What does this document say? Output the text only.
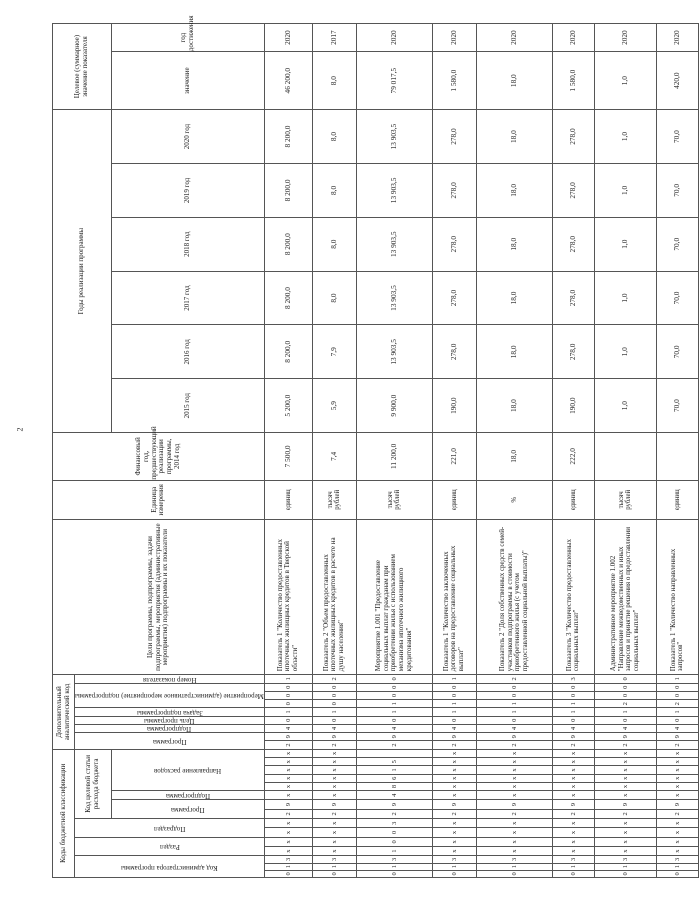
2
Коды бюджетной классификации															Дополнительный аналитический код									Цели программы, подпрограммы, задачи подпрограммы, мероприятия (административные мероприятия) подпрограммы и их показатели	Единица измерения	Финансовый год, предшествующий реализации программы, 2014 год	Годы реализации программы						Целевое (суммарное) значение показателя	

Код администратора программы			Раздел		Подраздел		Код целевой статьи расхода бюджета								Программа		Подпрограмма	Цель программы	Задача подпрограммы	Мероприятие (административное мероприятие) подпрограммы			Номер показателя											

							Программа		Подпрограмма	Направление расходов																	2015 год	2016 год	2017 год	2018 год	2019 год	2020 год	значение	год достижения
0	1	3	x	x	x	x	2	9	x	x	x	x	x	x	2	9	4	0	1	0	0	0	1	Показатель 1 "Количество предоставленных ипотечных жилищных кредитов в Тверской области"	единиц	7 500,0	5 200,0	8 200,0	8 200,0	8 200,0	8 200,0	8 200,0	46 200,0	2020
0	1	3	x	x	x	x	2	9	x	x	x	x	x	x	2	9	4	0	1	0	0	0	2	Показатель 2 "Объем предоставленных ипотечных жилищных кредитов в расчете на душу населения"	тысяч рублей	7,4	5,9	7,9	8,0	8,0	8,0	8,0	8,0	2017
0	1	3	1	0	0	3	2	9	4	8	6	1	5		2	9	4	0	1	1	0	0	0	Мероприятие 1.001 "Предоставление социальных выплат гражданам при приобретении жилья с использованием механизма ипотечного жилищного кредитования"	тысяч рублей	11 200,0	9 900,0	13 903,5	13 903,5	13 903,5	13 903,5	13 903,5	79 017,5	2020
0	1	3	x	x	x	x	2	9	x	x	x	x	x	x	2	9	4	0	1	1	0	0	1	Показатель 1 "Количество заключенных договоров на предоставление социальных выплат"	единиц	221,0	190,0	278,0	278,0	278,0	278,0	278,0	1 580,0	2020
0	1	3	x	x	x	x	2	9	x	x	x	x	x	x	2	9	4	0	1	1	0	0	2	Показатель 2 "Доля собственных средств семей-участников подпрограммы в стоимости приобретенного жилья (с учетом предоставленной социальной выплаты)"	%	18,0	18,0	18,0	18,0	18,0	18,0	18,0	18,0	2020
0	1	3	x	x	x	x	2	9	x	x	x	x	x	x	2	9	4	0	1	1	0	0	3	Показатель 3 "Количество предоставленных социальных выплат"	единиц	222,0	190,0	278,0	278,0	278,0	278,0	278,0	1 580,0	2020
0	1	3	x	x	x	x	2	9	x	x	x	x	x	x	2	9	4	0	1	2	0	0	0	Административное мероприятие 1.002 "Направление межведомственных и иных запросов и принятие решения о предоставлении социальных выплат"	тысяч рублей		1,0	1,0	1,0	1,0	1,0	1,0	1,0	2020
0	1	3	x	x	x	x	2	9	x	x	x	x	x	x	2	9	4	0	1	2	0	0	1	Показатель 1 "Количество направленных запросов"	единиц		70,0	70,0	70,0	70,0	70,0	70,0	420,0	2020
